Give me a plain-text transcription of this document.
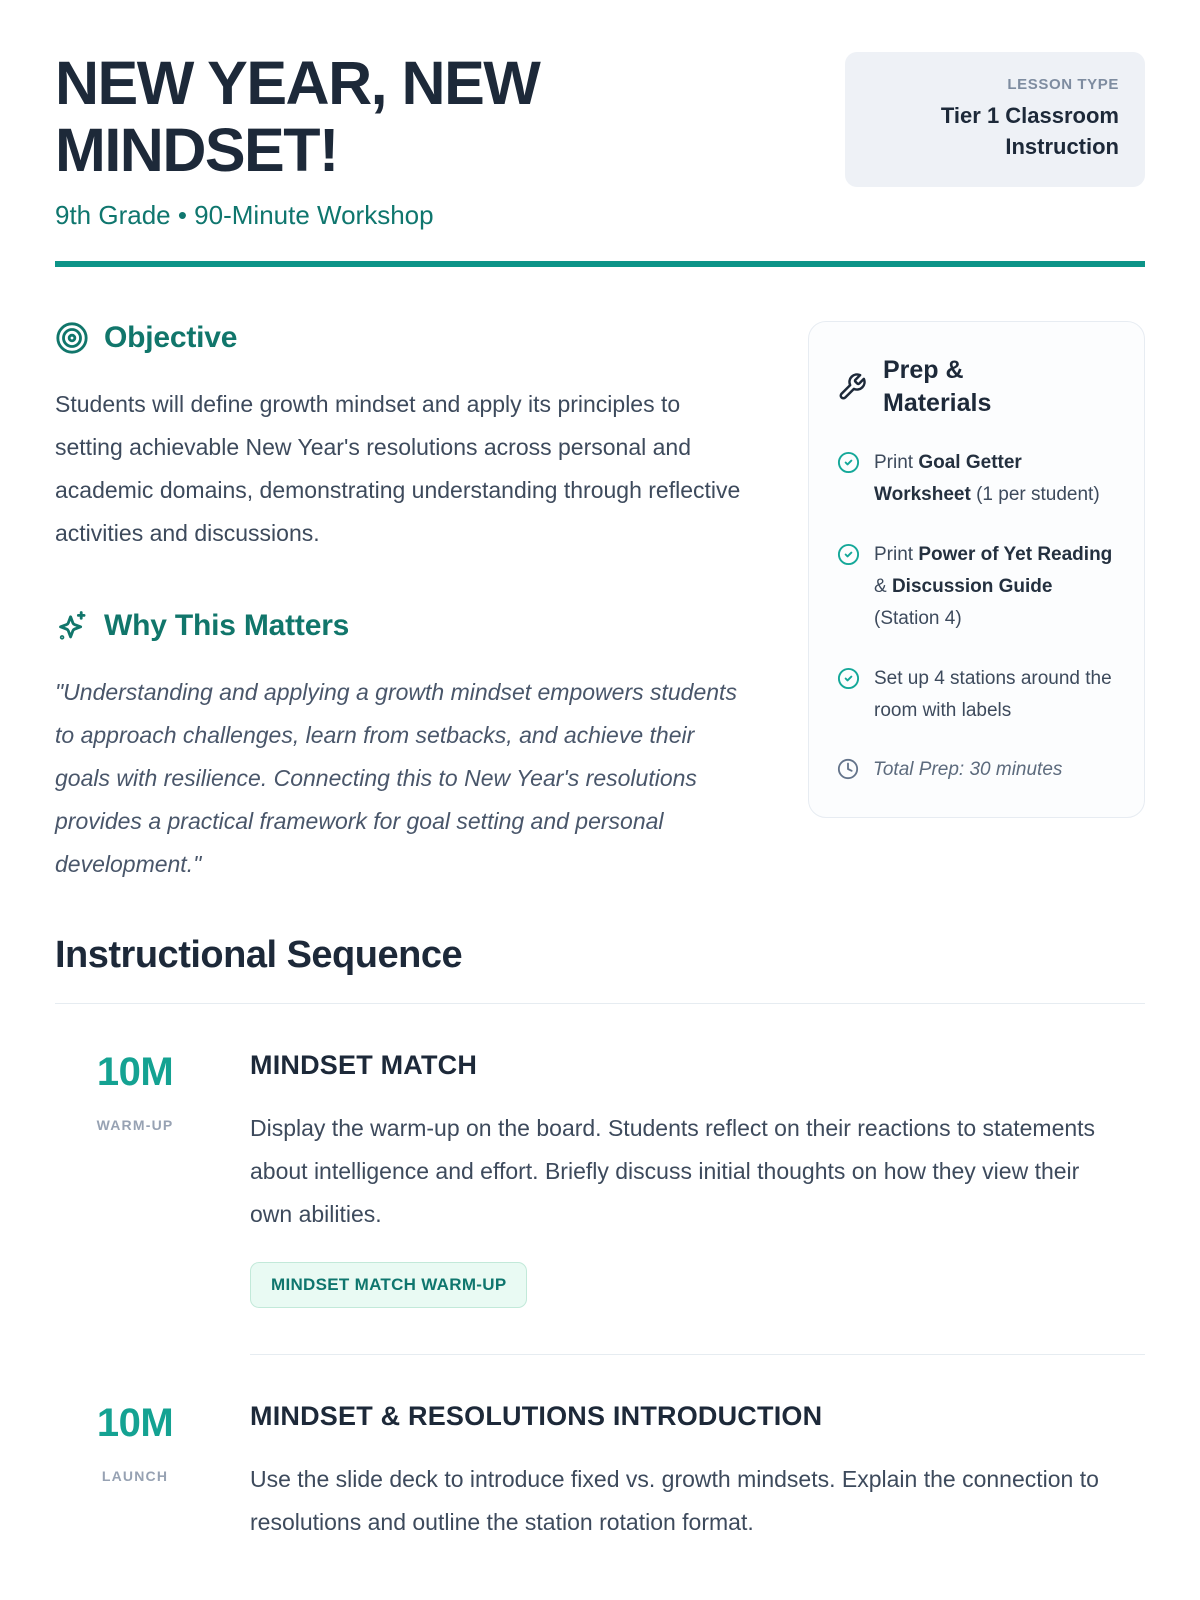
NEW YEAR, NEW MINDSET!

9th Grade • 90-Minute Workshop

LESSON TYPE
Tier 1 Classroom Instruction
Objective

Students will define growth mindset and apply its principles to setting achievable New Year's resolutions across personal and academic domains, demonstrating understanding through reflective activities and discussions.

Why This Matters

"Understanding and applying a growth mindset empowers students to approach challenges, learn from setbacks, and achieve their goals with resilience. Connecting this to New Year's resolutions provides a practical framework for goal setting and personal development."

Prep & Materials
Print Goal Getter Worksheet (1 per student)
Print Power of Yet Reading & Discussion Guide (Station 4)
Set up 4 stations around the room with labels
Total Prep: 30 minutes
Instructional Sequence
10M
WARM-UP
MINDSET MATCH

Display the warm-up on the board. Students reflect on their reactions to statements about intelligence and effort. Briefly discuss initial thoughts on how they view their own abilities.

MINDSET MATCH WARM-UP
10M
LAUNCH
MINDSET & RESOLUTIONS INTRODUCTION

Use the slide deck to introduce fixed vs. growth mindsets. Explain the connection to resolutions and outline the station rotation format.
